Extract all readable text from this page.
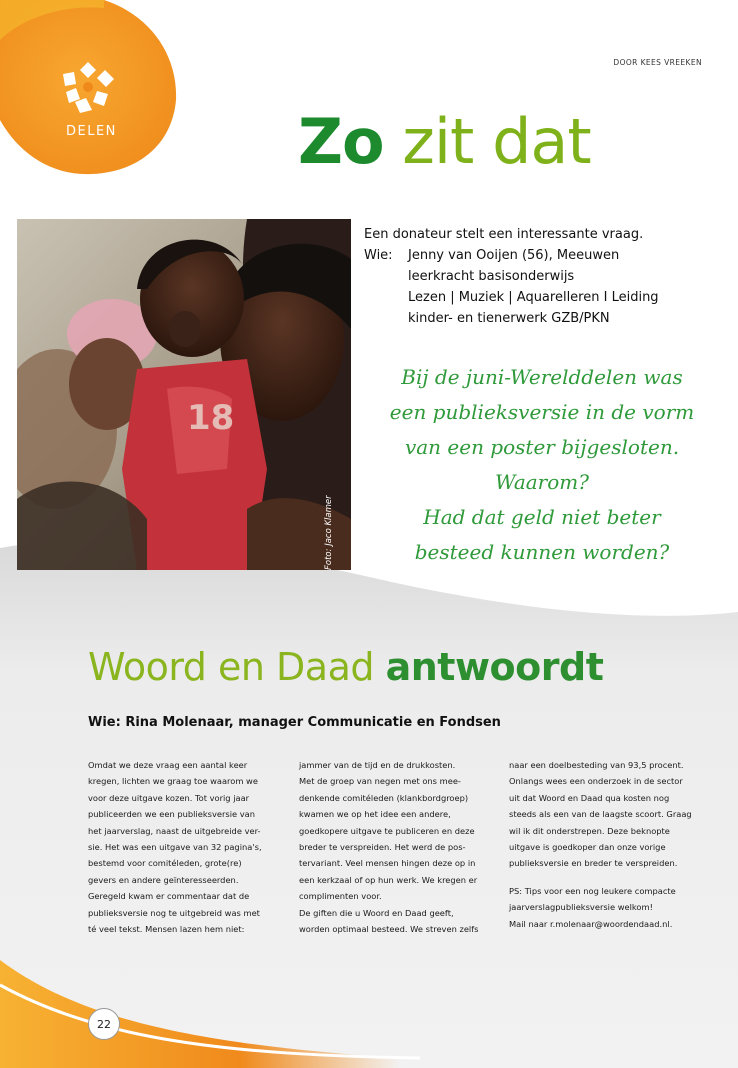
DOOR KEES VREEKEN
DELEN	Zo zit dat
18
Foto: Jaco Klamer
Een donateur stelt een interessante vraag.
Wie:	Jenny van Ooijen (56), Meeuwen
leerkracht basisonderwijs
Lezen | Muziek | Aquarelleren I Leiding
kinder- en tienerwerk GZB/PKN
Bij de juni-Werelddelen was
een publieksversie in de vorm
van een poster bijgesloten.
Waarom?
Had dat geld niet beter
besteed kunnen worden?
Woord en Daad antwoordt
Wie: Rina Molenaar, manager Communicatie en Fondsen
Omdat we deze vraag een aantal keer
kregen, lichten we graag toe waarom we
voor deze uitgave kozen. Tot vorig jaar
publiceerden we een publieksversie van
het jaarverslag, naast de uitgebreide ver-
sie. Het was een uitgave van 32 pagina's,
bestemd voor comitéleden, grote(re)
gevers en andere geïnteresseerden.
Geregeld kwam er commentaar dat de
publieksversie nog te uitgebreid was met
té veel tekst. Mensen lazen hem niet:
jammer van de tijd en de drukkosten.
Met de groep van negen met ons mee-
denkende comitéleden (klankbordgroep)
kwamen we op het idee een andere,
goedkopere uitgave te publiceren en deze
breder te verspreiden. Het werd de pos-
tervariant. Veel mensen hingen deze op in
een kerkzaal of op hun werk. We kregen er
complimenten voor.
De giften die u Woord en Daad geeft,
worden optimaal besteed. We streven zelfs
naar een doelbesteding van 93,5 procent.
Onlangs wees een onderzoek in de sector
uit dat Woord en Daad qua kosten nog
steeds als een van de laagste scoort. Graag
wil ik dit onderstrepen. Deze beknopte
uitgave is goedkoper dan onze vorige
publieksversie en breder te verspreiden.
PS: Tips voor een nog leukere compacte
jaarverslagpublieksversie welkom!
Mail naar r.molenaar@woordendaad.nl.
22
